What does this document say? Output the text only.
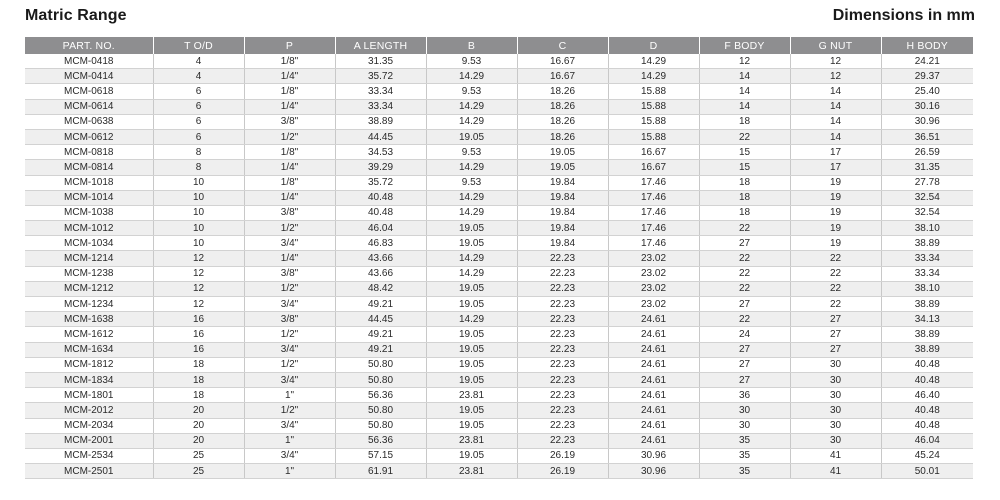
Matric Range	Dimensions in mm
PART. NO.	T O/D	P	A LENGTH	B	C	D	F BODY	G NUT	H BODY
MCM-0418	4	1/8"	31.35	9.53	16.67	14.29	12	12	24.21
MCM-0414	4	1/4"	35.72	14.29	16.67	14.29	14	12	29.37
MCM-0618	6	1/8"	33.34	9.53	18.26	15.88	14	14	25.40
MCM-0614	6	1/4"	33.34	14.29	18.26	15.88	14	14	30.16
MCM-0638	6	3/8"	38.89	14.29	18.26	15.88	18	14	30.96
MCM-0612	6	1/2"	44.45	19.05	18.26	15.88	22	14	36.51
MCM-0818	8	1/8"	34.53	9.53	19.05	16.67	15	17	26.59
MCM-0814	8	1/4"	39.29	14.29	19.05	16.67	15	17	31.35
MCM-1018	10	1/8"	35.72	9.53	19.84	17.46	18	19	27.78
MCM-1014	10	1/4"	40.48	14.29	19.84	17.46	18	19	32.54
MCM-1038	10	3/8"	40.48	14.29	19.84	17.46	18	19	32.54
MCM-1012	10	1/2"	46.04	19.05	19.84	17.46	22	19	38.10
MCM-1034	10	3/4"	46.83	19.05	19.84	17.46	27	19	38.89
MCM-1214	12	1/4"	43.66	14.29	22.23	23.02	22	22	33.34
MCM-1238	12	3/8"	43.66	14.29	22.23	23.02	22	22	33.34
MCM-1212	12	1/2"	48.42	19.05	22.23	23.02	22	22	38.10
MCM-1234	12	3/4"	49.21	19.05	22.23	23.02	27	22	38.89
MCM-1638	16	3/8"	44.45	14.29	22.23	24.61	22	27	34.13
MCM-1612	16	1/2"	49.21	19.05	22.23	24.61	24	27	38.89
MCM-1634	16	3/4"	49.21	19.05	22.23	24.61	27	27	38.89
MCM-1812	18	1/2"	50.80	19.05	22.23	24.61	27	30	40.48
MCM-1834	18	3/4"	50.80	19.05	22.23	24.61	27	30	40.48
MCM-1801	18	1"	56.36	23.81	22.23	24.61	36	30	46.40
MCM-2012	20	1/2"	50.80	19.05	22.23	24.61	30	30	40.48
MCM-2034	20	3/4"	50.80	19.05	22.23	24.61	30	30	40.48
MCM-2001	20	1"	56.36	23.81	22.23	24.61	35	30	46.04
MCM-2534	25	3/4"	57.15	19.05	26.19	30.96	35	41	45.24
MCM-2501	25	1"	61.91	23.81	26.19	30.96	35	41	50.01
